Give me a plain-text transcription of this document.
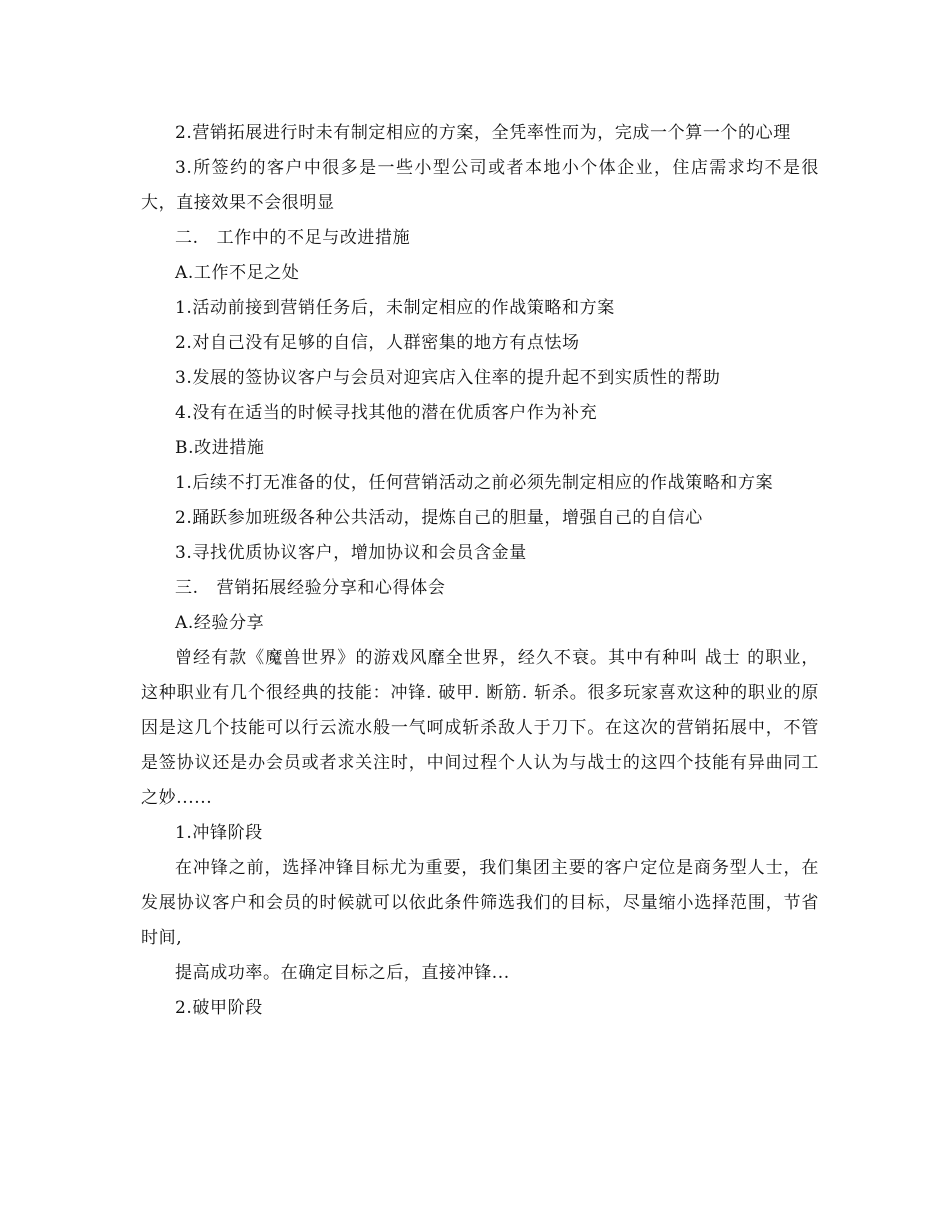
2.营销拓展进行时未有制定相应的方案，全凭率性而为，完成一个算一个的心理

3.所签约的客户中很多是一些小型公司或者本地小个体企业，住店需求均不是很大，直接效果不会很明显

二.   工作中的不足与改进措施

A.工作不足之处

1.活动前接到营销任务后，未制定相应的作战策略和方案

2.对自己没有足够的自信，人群密集的地方有点怯场

3.发展的签协议客户与会员对迎宾店入住率的提升起不到实质性的帮助

4.没有在适当的时候寻找其他的潜在优质客户作为补充

B.改进措施

1.后续不打无准备的仗，任何营销活动之前必须先制定相应的作战策略和方案

2.踊跃参加班级各种公共活动，提炼自己的胆量，增强自己的自信心

3.寻找优质协议客户，增加协议和会员含金量

三.   营销拓展经验分享和心得体会

A.经验分享

曾经有款《魔兽世界》的游戏风靡全世界，经久不衰。其中有种叫 战士 的职业，这种职业有几个很经典的技能：冲锋. 破甲. 断筋. 斩杀。很多玩家喜欢这种的职业的原因是这几个技能可以行云流水般一气呵成斩杀敌人于刀下。在这次的营销拓展中，不管是签协议还是办会员或者求关注时，中间过程个人认为与战士的这四个技能有异曲同工之妙......

1.冲锋阶段

在冲锋之前，选择冲锋目标尤为重要，我们集团主要的客户定位是商务型人士，在发展协议客户和会员的时候就可以依此条件筛选我们的目标，尽量缩小选择范围，节省时间,

提高成功率。在确定目标之后，直接冲锋...

2.破甲阶段
